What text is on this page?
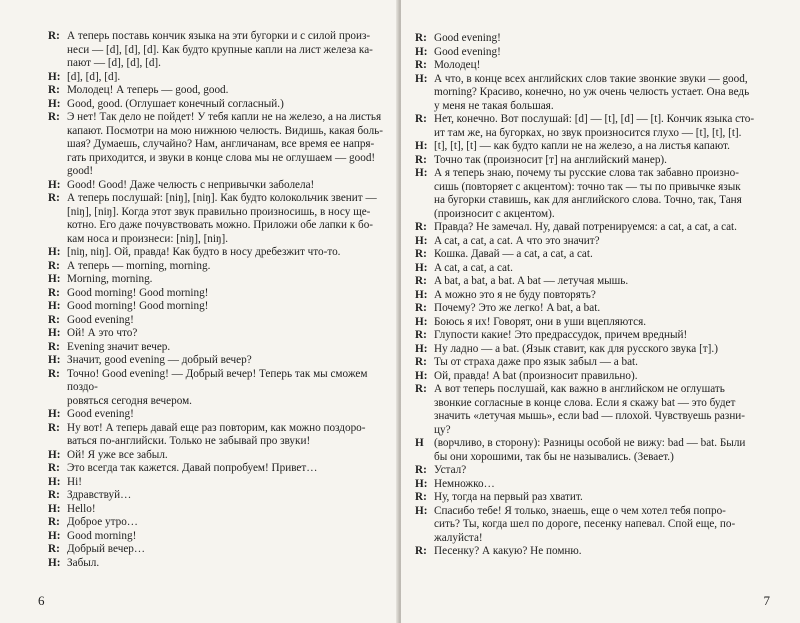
R: А теперь поставь кончик языка на эти бугорки и с силой произ-
неси — [d], [d], [d]. Как будто крупные капли на лист железа ка-
пают — [d], [d], [d].
H: [d], [d], [d].
R: Молодец! А теперь — good, good.
H: Good, good. (Оглушает конечный согласный.)
R: Э нет! Так дело не пойдет! У тебя капли не на железо, а на листья
капают. Посмотри на мою нижнюю челюсть. Видишь, какая боль-
шая? Думаешь, случайно? Нам, англичанам, все время ее напря-
гать приходится, и звуки в конце слова мы не оглушаем — good!
good!
H: Good! Good! Даже челюсть с непривычки заболела!
R: А теперь послушай: [niŋ], [niŋ]. Как будто колокольчик звенит —
[niŋ], [niŋ]. Когда этот звук правильно произносишь, в носу ще-
котно. Его даже почувствовать можно. Приложи обе лапки к бо-
кам носа и произнеси: [niŋ], [niŋ].
H: [niŋ, niŋ]. Ой, правда! Как будто в носу дребезжит что-то.
R: А теперь — morning, morning.
H: Morning, morning.
R: Good morning! Good morning!
H: Good morning! Good morning!
R: Good evening!
H: Ой! А это что?
R: Evening значит вечер.
H: Значит, good evening — добрый вечер?
R: Точно! Good evening! — Добрый вечер! Теперь так мы сможем поздо-
ровяться сегодня вечером.
H: Good evening!
R: Ну вот! А теперь давай еще раз повторим, как можно поздоро-
ваться по-английски. Только не забывай про звуки!
H: Ой! Я уже все забыл.
R: Это всегда так кажется. Давай попробуем! Привет…
H: Hi!
R: Здравствуй…
H: Hello!
R: Доброе утро…
H: Good morning!
R: Добрый вечер…
H: Забыл.
6
R: Good evening!
H: Good evening!
R: Молодец!
H: А что, в конце всех английских слов такие звонкие звуки — good,
morning? Красиво, конечно, но уж очень челюсть устает. Она ведь
у меня не такая большая.
R: Нет, конечно. Вот послушай: [d] — [t], [d] — [t]. Кончик языка сто-
ит там же, на бугорках, но звук произносится глухо — [t], [t], [t].
H: [t], [t], [t] — как будто капли не на железо, а на листья капают.
R: Точно так (произносит [т] на английский манер).
H: А я теперь знаю, почему ты русские слова так забавно произно-
сишь (повторяет с акцентом): точно так — ты по привычке язык
на бугорки ставишь, как для английского слова. Точно, так, Таня
(произносит с акцентом).
R: Правда? Не замечал. Ну, давай потренируемся: a cat, a cat, a cat.
H: A cat, a cat, a cat. А что это значит?
R: Кошка. Давай — a cat, a cat, a cat.
H: A cat, a cat, a cat.
R: A bat, a bat, a bat. A bat — летучая мышь.
H: А можно это я не буду повторять?
R: Почему? Это же легко! A bat, a bat.
H: Боюсь я их! Говорят, они в уши вцепляются.
R: Глупости какие! Это предрассудок, причем вредный!
H: Ну ладно — a bat. (Язык ставит, как для русского звука [т].)
R: Ты от страха даже про язык забыл — a bat.
H: Ой, правда! A bat (произносит правильно).
R: А вот теперь послушай, как важно в английском не оглушать
звонкие согласные в конце слова. Если я скажу bat — это будет
значить «летучая мышь», если bad — плохой. Чувствуешь разни-
цу?
H (ворчливо, в сторону): Разницы особой не вижу: bad — bat. Были
бы они хорошими, так бы не назывались. (Зевает.)
R: Устал?
H: Немножко…
R: Ну, тогда на первый раз хватит.
H: Спасибо тебе! Я только, знаешь, еще о чем хотел тебя попро-
сить? Ты, когда шел по дороге, песенку напевал. Спой еще, по-
жалуйста!
R: Песенку? А какую? Не помню.
7
